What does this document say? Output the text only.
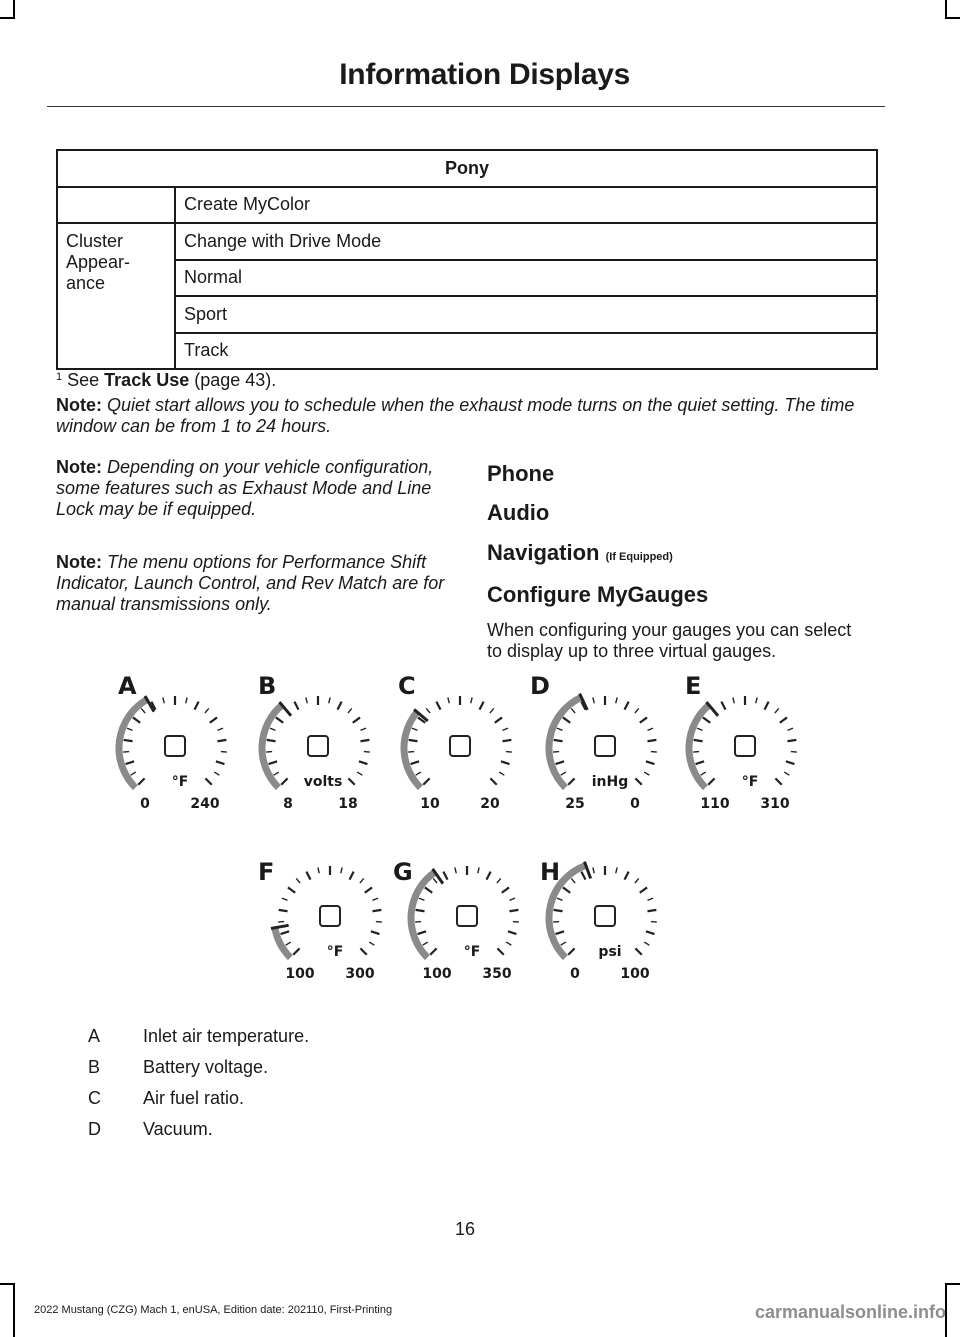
Information Displays
Pony	
	Create MyColor

Cluster Appear-ance	Change with Drive Mode
	Normal
	Sport
	Track
$^1$ See Track Use (page 43).
Note: Quiet start allows you to schedule when the exhaust mode turns on the quiet setting. The time window can be from 1 to 24 hours.
Note: Depending on your vehicle configuration, some features such as Exhaust Mode and Line Lock may be if equipped.
Note: The menu options for Performance Shift Indicator, Launch Control, and Rev Match are for manual transmissions only.
Phone
Audio
Navigation (If Equipped)
Configure MyGauges
When configuring your gauges you can select to display up to three virtual gauges.
A
°F
0	240
B
volts
8	18
C
10	20
D
inHg
25	0
E
°F
110 310
F
°F
100 300
G
°F
100 350
H
psi
0	100
A Inlet air temperature.
B Battery voltage.
C Air fuel ratio.
D Vacuum.
16
2022 Mustang (CZG) Mach 1, enUSA, Edition date: 202110, First-Printing	carmanualsonline.info
